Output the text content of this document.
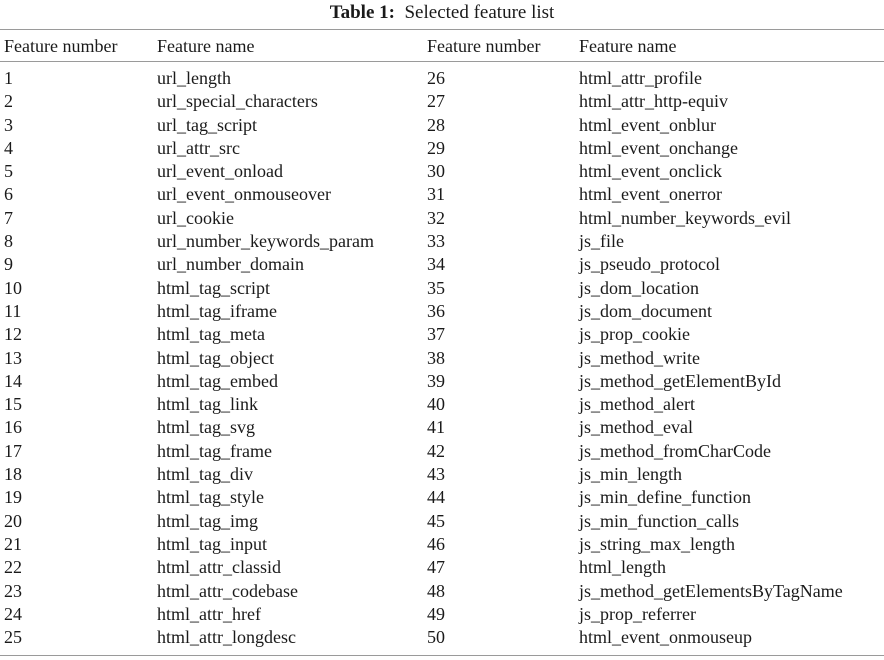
Table 1: Selected feature list
Feature number Feature name	Feature number Feature name
1	url_length	26	html_attr_profile
2	url_special_characters	27	html_attr_http-equiv
3	url_tag_script	28	html_event_onblur
4	url_attr_src	29	html_event_onchange
5	url_event_onload	30	html_event_onclick
6	url_event_onmouseover	31	html_event_onerror
7	url_cookie	32	html_number_keywords_evil
8	url_number_keywords_param	33	js_file
9	url_number_domain	34	js_pseudo_protocol
10	html_tag_script	35	js_dom_location
11	html_tag_iframe	36	js_dom_document
12	html_tag_meta	37	js_prop_cookie
13	html_tag_object	38	js_method_write
14	html_tag_embed	39	js_method_getElementById
15	html_tag_link	40	js_method_alert
16	html_tag_svg	41	js_method_eval
17	html_tag_frame	42	js_method_fromCharCode
18	html_tag_div	43	js_min_length
19	html_tag_style	44	js_min_define_function
20	html_tag_img	45	js_min_function_calls
21	html_tag_input	46	js_string_max_length
22	html_attr_classid	47	html_length
23	html_attr_codebase	48	js_method_getElementsByTagName
24	html_attr_href	49	js_prop_referrer
25	html_attr_longdesc	50	html_event_onmouseup
